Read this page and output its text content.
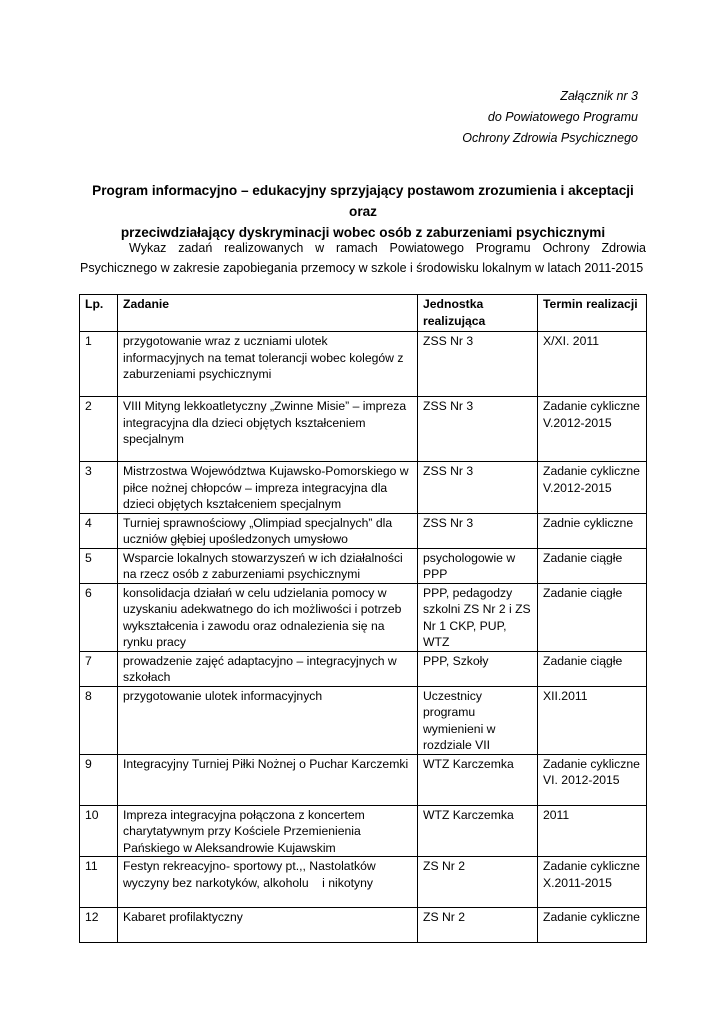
Załącznik nr 3
do Powiatowego Programu
Ochrony Zdrowia Psychicznego
Program informacyjno – edukacyjny sprzyjający postawom zrozumienia i akceptacji oraz
przeciwdziałający dyskryminacji wobec osób z zaburzeniami psychicznymi
Wykaz zadań realizowanych w ramach Powiatowego Programu Ochrony Zdrowia Psychicznego w zakresie zapobiegania przemocy w szkole i środowisku lokalnym w latach 2011-2015
Lp.	Zadanie	Jednostka realizująca	Termin realizacji
1	przygotowanie wraz z uczniami ulotek informacyjnych na temat tolerancji wobec kolegów z zaburzeniami psychicznymi	ZSS Nr 3	X/XI. 2011
2	VIII Mityng lekkoatletyczny „Zwinne Misie” – impreza integracyjna dla dzieci objętych kształceniem specjalnym	ZSS Nr 3	Zadanie cykliczne V.2012-2015
3	Mistrzostwa Województwa Kujawsko-Pomorskiego w piłce nożnej chłopców – impreza integracyjna dla dzieci objętych kształceniem specjalnym	ZSS Nr 3	Zadanie cykliczne V.2012-2015
4	Turniej sprawnościowy „Olimpiad specjalnych” dla uczniów głębiej upośledzonych umysłowo	ZSS Nr 3	Zadnie cykliczne
5	Wsparcie lokalnych stowarzyszeń w ich działalności na rzecz osób z zaburzeniami psychicznymi	psychologowie w PPP	Zadanie ciągłe
6	konsolidacja działań w celu udzielania pomocy w uzyskaniu adekwatnego do ich możliwości i potrzeb wykształcenia i zawodu oraz odnalezienia się na rynku pracy	PPP, pedagodzy szkolni ZS Nr 2 i ZS Nr 1 CKP, PUP, WTZ	Zadanie ciągłe
7	prowadzenie zajęć adaptacyjno – integracyjnych w szkołach	PPP, Szkoły	Zadanie ciągłe
8	przygotowanie ulotek informacyjnych	Uczestnicy programu wymienieni w rozdziale VII	XII.2011
9	Integracyjny Turniej Piłki Nożnej o Puchar Karczemki	WTZ Karczemka	Zadanie cykliczne VI. 2012-2015
10	Impreza integracyjna połączona z koncertem charytatywnym przy Kościele Przemienienia Pańskiego w Aleksandrowie Kujawskim	WTZ Karczemka	2011
11	Festyn rekreacyjno- sportowy pt.,, Nastolatków wyczyny bez narkotyków, alkoholu    i nikotyny	ZS Nr 2	Zadanie cykliczne X.2011-2015
12	Kabaret profilaktyczny	ZS Nr 2	Zadanie cykliczne
